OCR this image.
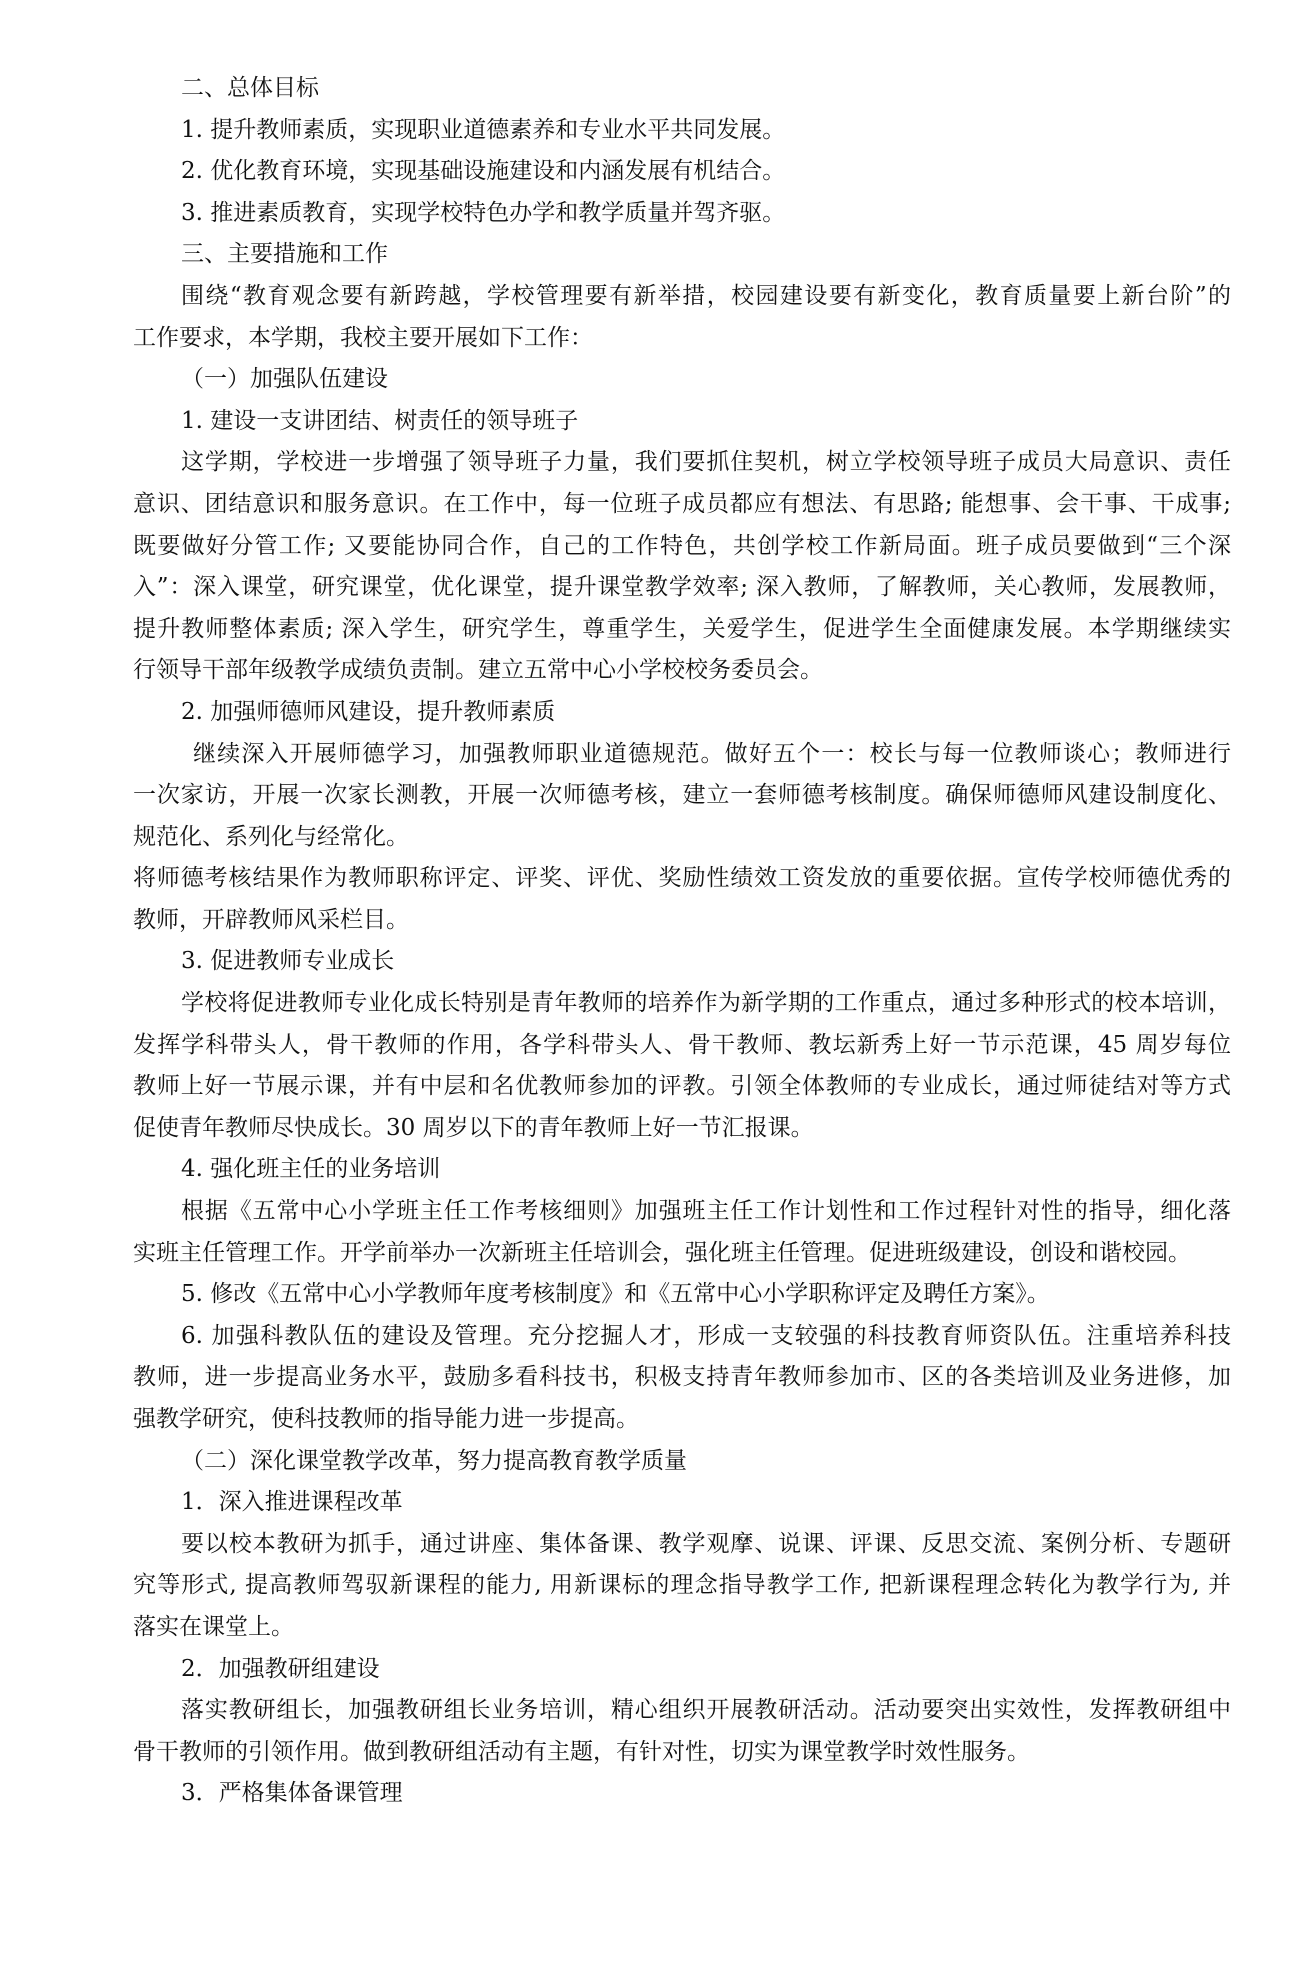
二、总体目标

1. 提升教师素质，实现职业道德素养和专业水平共同发展。

2. 优化教育环境，实现基础设施建设和内涵发展有机结合。

3. 推进素质教育，实现学校特色办学和教学质量并驾齐驱。

三、主要措施和工作

围绕“教育观念要有新跨越，学校管理要有新举措，校园建设要有新变化，教育质量要上新台阶”的

工作要求，本学期，我校主要开展如下工作：

（一）加强队伍建设

1. 建设一支讲团结、树责任的领导班子

这学期，学校进一步增强了领导班子力量，我们要抓住契机，树立学校领导班子成员大局意识、责任

意识、团结意识和服务意识。在工作中，每一位班子成员都应有想法、有思路; 能想事、会干事、干成事;

既要做好分管工作; 又要能协同合作，自己的工作特色，共创学校工作新局面。班子成员要做到“三个深

入”：深入课堂，研究课堂，优化课堂，提升课堂教学效率; 深入教师，了解教师，关心教师，发展教师，

提升教师整体素质; 深入学生，研究学生，尊重学生，关爱学生，促进学生全面健康发展。本学期继续实

行领导干部年级教学成绩负责制。建立五常中心小学校校务委员会。

2. 加强师德师风建设，提升教师素质

继续深入开展师德学习，加强教师职业道德规范。做好五个一：校长与每一位教师谈心；教师进行

一次家访，开展一次家长测教，开展一次师德考核，建立一套师德考核制度。确保师德师风建设制度化、

规范化、系列化与经常化。

将师德考核结果作为教师职称评定、评奖、评优、奖励性绩效工资发放的重要依据。宣传学校师德优秀的

教师，开辟教师风采栏目。

3. 促进教师专业成长

学校将促进教师专业化成长特别是青年教师的培养作为新学期的工作重点，通过多种形式的校本培训，

发挥学科带头人，骨干教师的作用，各学科带头人、骨干教师、教坛新秀上好一节示范课，45 周岁每位

教师上好一节展示课，并有中层和名优教师参加的评教。引领全体教师的专业成长，通过师徒结对等方式

促使青年教师尽快成长。30 周岁以下的青年教师上好一节汇报课。

4. 强化班主任的业务培训

根据《五常中心小学班主任工作考核细则》加强班主任工作计划性和工作过程针对性的指导，细化落

实班主任管理工作。开学前举办一次新班主任培训会，强化班主任管理。促进班级建设，创设和谐校园。

5. 修改《五常中心小学教师年度考核制度》和《五常中心小学职称评定及聘任方案》。

6. 加强科教队伍的建设及管理。充分挖掘人才，形成一支较强的科技教育师资队伍。注重培养科技

教师，进一步提高业务水平，鼓励多看科技书，积极支持青年教师参加市、区的各类培训及业务进修，加

强教学研究，使科技教师的指导能力进一步提高。

（二）深化课堂教学改革，努力提高教育教学质量

1．深入推进课程改革

要以校本教研为抓手，通过讲座、集体备课、教学观摩、说课、评课、反思交流、案例分析、专题研

究等形式, 提高教师驾驭新课程的能力, 用新课标的理念指导教学工作, 把新课程理念转化为教学行为, 并

落实在课堂上。

2．加强教研组建设

落实教研组长，加强教研组长业务培训，精心组织开展教研活动。活动要突出实效性，发挥教研组中

骨干教师的引领作用。做到教研组活动有主题，有针对性，切实为课堂教学时效性服务。

3．严格集体备课管理
